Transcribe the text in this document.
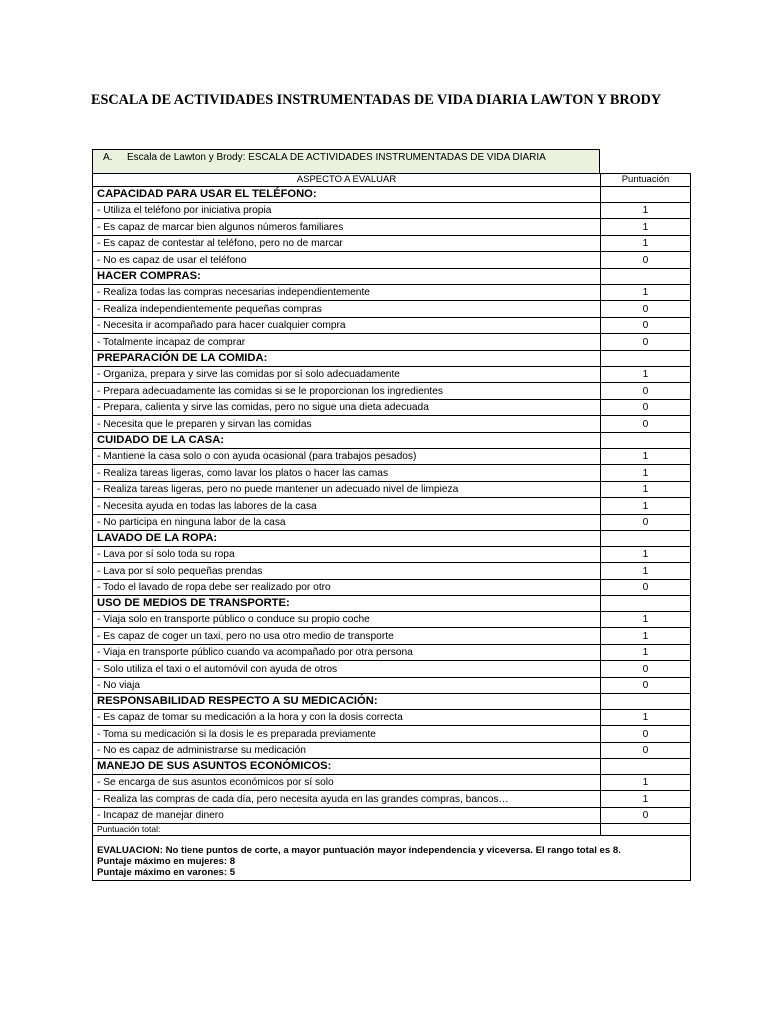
ESCALA DE ACTIVIDADES INSTRUMENTADAS DE VIDA DIARIA LAWTON Y BRODY
A. Escala de Lawton y Brody: ESCALA DE ACTIVIDADES INSTRUMENTADAS DE VIDA DIARIA
ASPECTO A EVALUAR	Puntuación
CAPACIDAD PARA USAR EL TELÉFONO:	
- Utiliza el teléfono por iniciativa propia	1
- Es capaz de marcar bien algunos números familiares	1
- Es capaz de contestar al teléfono, pero no de marcar	1
- No es capaz de usar el teléfono	0
HACER COMPRAS:	
- Realiza todas las compras necesarias independientemente	1
- Realiza independientemente pequeñas compras	0
- Necesita ir acompañado para hacer cualquier compra	0
- Totalmente incapaz de comprar	0
PREPARACIÓN DE LA COMIDA:	
- Organiza, prepara y sirve las comidas por sí solo adecuadamente	1
- Prepara adecuadamente las comidas si se le proporcionan los ingredientes	0
- Prepara, calienta y sirve las comidas, pero no sigue una dieta adecuada	0
- Necesita que le preparen y sirvan las comidas	0
CUIDADO DE LA CASA:	
- Mantiene la casa solo o con ayuda ocasional (para trabajos pesados)	1
- Realiza tareas ligeras, como lavar los platos o hacer las camas	1
- Realiza tareas ligeras, pero no puede mantener un adecuado nivel de limpieza	1
- Necesita ayuda en todas las labores de la casa	1
- No participa en ninguna labor de la casa	0
LAVADO DE LA ROPA:	
- Lava por sí solo toda su ropa	1
- Lava por sí solo pequeñas prendas	1
- Todo el lavado de ropa debe ser realizado por otro	0
USO DE MEDIOS DE TRANSPORTE:	
- Viaja solo en transporte público o conduce su propio coche	1
- Es capaz de coger un taxi, pero no usa otro medio de transporte	1
- Viaja en transporte público cuando va acompañado por otra persona	1
- Solo utiliza el taxi o el automóvil con ayuda de otros	0
- No viaja	0
RESPONSABILIDAD RESPECTO A SU MEDICACIÓN:	
- Es capaz de tomar su medicación a la hora y con la dosis correcta	1
- Toma su medicación si la dosis le es preparada previamente	0
- No es capaz de administrarse su medicación	0
MANEJO DE SUS ASUNTOS ECONÓMICOS:	
- Se encarga de sus asuntos económicos por sí solo	1
- Realiza las compras de cada día, pero necesita ayuda en las grandes compras, bancos…	1
- Incapaz de manejar dinero	0
Puntuación total:	

EVALUACION: No tiene puntos de corte, a mayor puntuación mayor independencia y viceversa. El rango total es 8.
Puntaje máximo en mujeres: 8
Puntaje máximo en varones: 5	
